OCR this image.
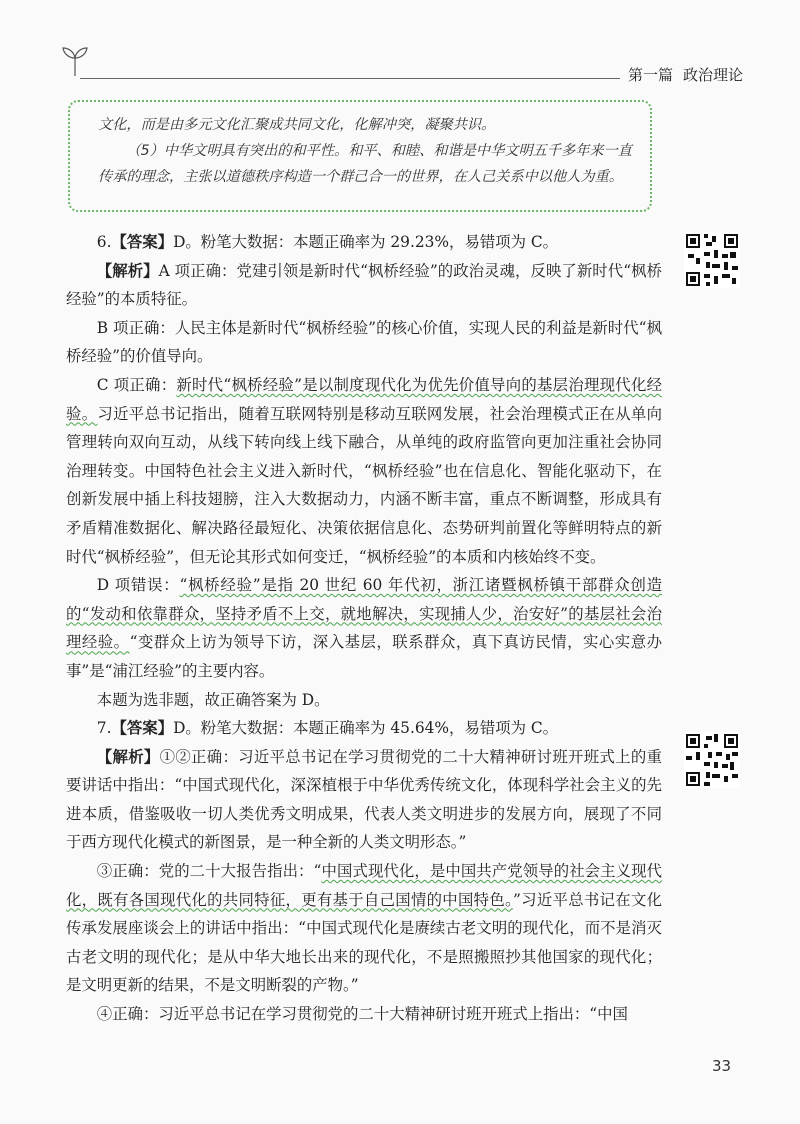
第一篇 政治理论

文化，而是由多元文化汇聚成共同文化，化解冲突，凝聚共识。

（5）中华文明具有突出的和平性。和平、和睦、和谐是中华文明五千多年来一直传承的理念，主张以道德秩序构造一个群己合一的世界，在人己关系中以他人为重。

6.【答案】D。粉笔大数据：本题正确率为 29.23%，易错项为 C。

【解析】A 项正确：党建引领是新时代“枫桥经验”的政治灵魂，反映了新时代“枫桥经验”的本质特征。

B 项正确：人民主体是新时代“枫桥经验”的核心价值，实现人民的利益是新时代“枫桥经验”的价值导向。

C 项正确：新时代“枫桥经验”是以制度现代化为优先价值导向的基层治理现代化经验。习近平总书记指出，随着互联网特别是移动互联网发展，社会治理模式正在从单向管理转向双向互动，从线下转向线上线下融合，从单纯的政府监管向更加注重社会协同治理转变。中国特色社会主义进入新时代，“枫桥经验”也在信息化、智能化驱动下，在创新发展中插上科技翅膀，注入大数据动力，内涵不断丰富，重点不断调整，形成具有矛盾精准数据化、解决路径最短化、决策依据信息化、态势研判前置化等鲜明特点的新时代“枫桥经验”，但无论其形式如何变迁，“枫桥经验”的本质和内核始终不变。

D 项错误：“枫桥经验”是指 20 世纪 60 年代初，浙江诸暨枫桥镇干部群众创造的“发动和依靠群众，坚持矛盾不上交，就地解决，实现捕人少，治安好”的基层社会治理经验。“变群众上访为领导下访，深入基层，联系群众，真下真访民情，实心实意办事”是“浦江经验”的主要内容。

本题为选非题，故正确答案为 D。

7.【答案】D。粉笔大数据：本题正确率为 45.64%，易错项为 C。

【解析】①②正确：习近平总书记在学习贯彻党的二十大精神研讨班开班式上的重要讲话中指出：“中国式现代化，深深植根于中华优秀传统文化，体现科学社会主义的先进本质，借鉴吸收一切人类优秀文明成果，代表人类文明进步的发展方向，展现了不同于西方现代化模式的新图景，是一种全新的人类文明形态。”

③正确：党的二十大报告指出：“中国式现代化，是中国共产党领导的社会主义现代化，既有各国现代化的共同特征，更有基于自己国情的中国特色。”习近平总书记在文化传承发展座谈会上的讲话中指出：“中国式现代化是赓续古老文明的现代化，而不是消灭古老文明的现代化；是从中华大地长出来的现代化，不是照搬照抄其他国家的现代化；是文明更新的结果，不是文明断裂的产物。”

④正确：习近平总书记在学习贯彻党的二十大精神研讨班开班式上指出：“中国

33
